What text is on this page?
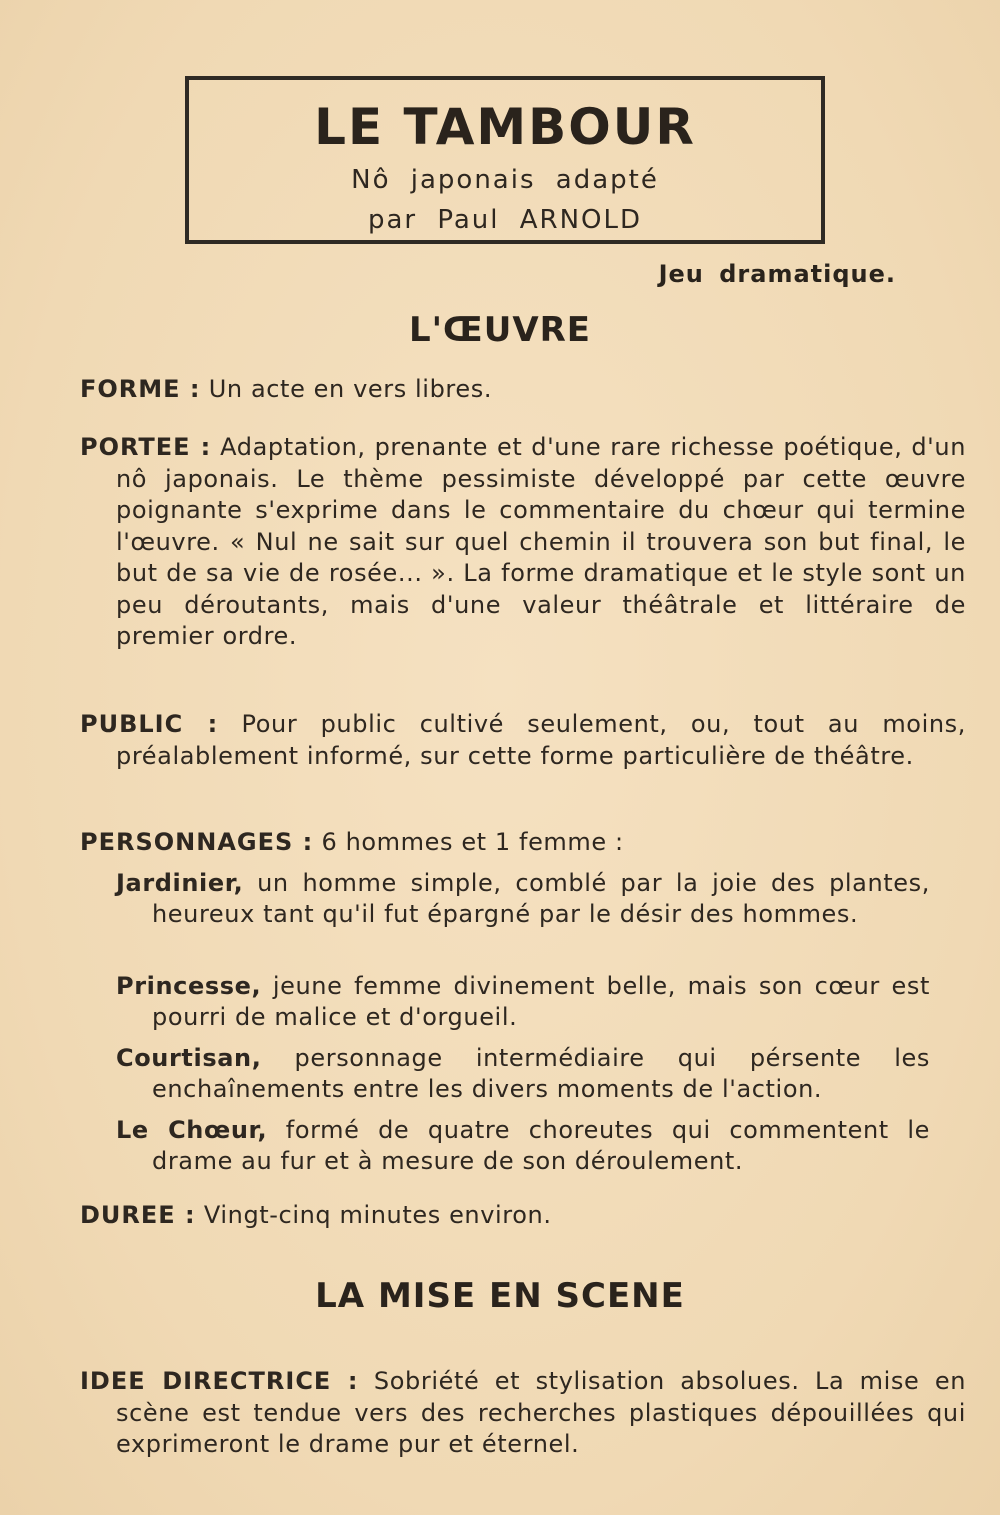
LE TAMBOUR
Nô japonais adapté
par Paul ARNOLD
Jeu dramatique.
L'ŒUVRE
FORME : Un acte en vers libres.
PORTEE : Adaptation, prenante et d'une rare richesse poétique, d'un nô japonais. Le thème pessimiste développé par cette œuvre poignante s'exprime dans le commentaire du chœur qui termine l'œuvre. « Nul ne sait sur quel chemin il trouvera son but final, le but de sa vie de rosée... ». La forme dramatique et le style sont un peu déroutants, mais d'une valeur théâtrale et littéraire de premier ordre.
PUBLIC : Pour public cultivé seulement, ou, tout au moins, préalablement informé, sur cette forme particulière de théâtre.
PERSONNAGES : 6 hommes et 1 femme :
Jardinier, un homme simple, comblé par la joie des plantes, heureux tant qu'il fut épargné par le désir des hommes.
Princesse, jeune femme divinement belle, mais son cœur est pourri de malice et d'orgueil.
Courtisan, personnage intermédiaire qui pérsente les enchaînements entre les divers moments de l'action.
Le Chœur, formé de quatre choreutes qui commentent le drame au fur et à mesure de son déroulement.
DUREE : Vingt-cinq minutes environ.
LA MISE EN SCENE
IDEE DIRECTRICE : Sobriété et stylisation absolues. La mise en scène est tendue vers des recherches plastiques dépouillées qui exprimeront le drame pur et éternel.
